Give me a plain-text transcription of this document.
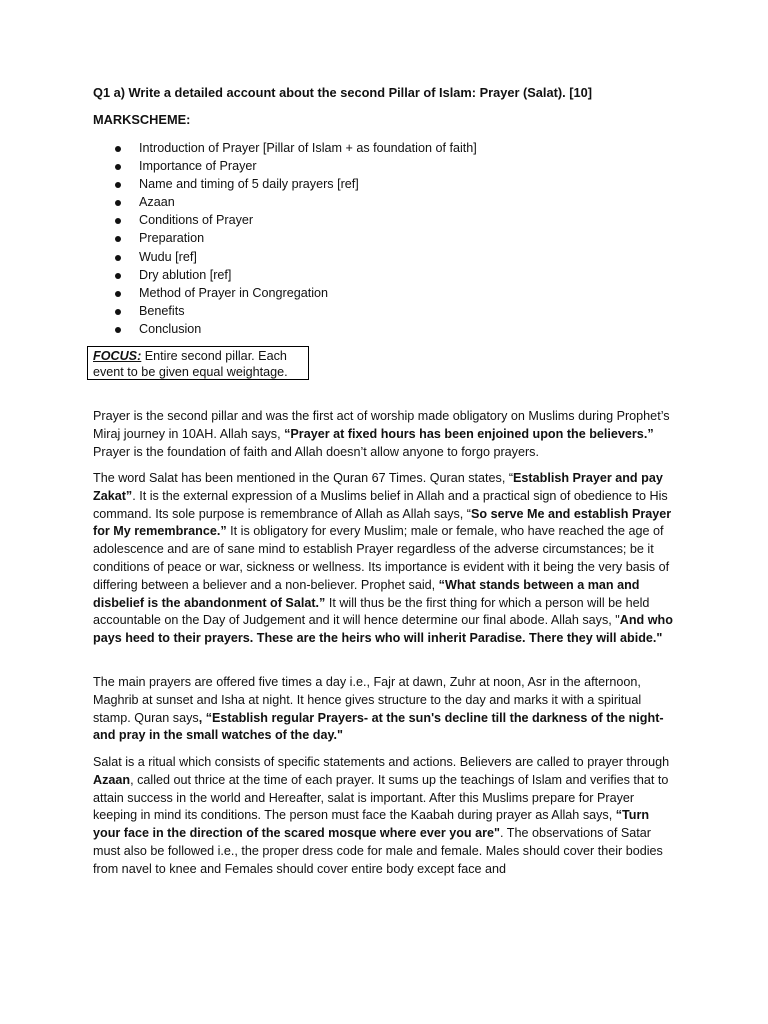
Q1 a) Write a detailed account about the second Pillar of Islam: Prayer (Salat). [10]
MARKSCHEME:
Introduction of Prayer [Pillar of Islam + as foundation of faith]
Importance of Prayer
Name and timing of 5 daily prayers [ref]
Azaan
Conditions of Prayer
Preparation
Wudu [ref]
Dry ablution [ref]
Method of Prayer in Congregation
Benefits
Conclusion
FOCUS: Entire second pillar. Each event to be given equal weightage.

Prayer is the second pillar and was the first act of worship made obligatory on Muslims during Prophet’s Miraj journey in 10AH. Allah says, “Prayer at fixed hours has been enjoined upon the believers.” Prayer is the foundation of faith and Allah doesn’t allow anyone to forgo prayers.

The word Salat has been mentioned in the Quran 67 Times. Quran states, “Establish Prayer and pay Zakat”. It is the external expression of a Muslims belief in Allah and a practical sign of obedience to His command. Its sole purpose is remembrance of Allah as Allah says, “So serve Me and establish Prayer for My remembrance.” It is obligatory for every Muslim; male or female, who have reached the age of adolescence and are of sane mind to establish Prayer regardless of the adverse circumstances; be it conditions of peace or war, sickness or wellness. Its importance is evident with it being the very basis of differing between a believer and a non-believer. Prophet said, “What stands between a man and disbelief is the abandonment of Salat.” It will thus be the first thing for which a person will be held accountable on the Day of Judgement and it will hence determine our final abode. Allah says, "And who pays heed to their prayers. These are the heirs who will inherit Paradise. There they will abide."

The main prayers are offered five times a day i.e., Fajr at dawn, Zuhr at noon, Asr in the afternoon, Maghrib at sunset and Isha at night. It hence gives structure to the day and marks it with a spiritual stamp. Quran says, “Establish regular Prayers- at the sun's decline till the darkness of the night- and pray in the small watches of the day."

Salat is a ritual which consists of specific statements and actions. Believers are called to prayer through Azaan, called out thrice at the time of each prayer. It sums up the teachings of Islam and verifies that to attain success in the world and Hereafter, salat is important. After this Muslims prepare for Prayer keeping in mind its conditions. The person must face the Kaabah during prayer as Allah says, “Turn your face in the direction of the scared mosque where ever you are". The observations of Satar must also be followed i.e., the proper dress code for male and female. Males should cover their bodies from navel to knee and Females should cover entire body except face and
